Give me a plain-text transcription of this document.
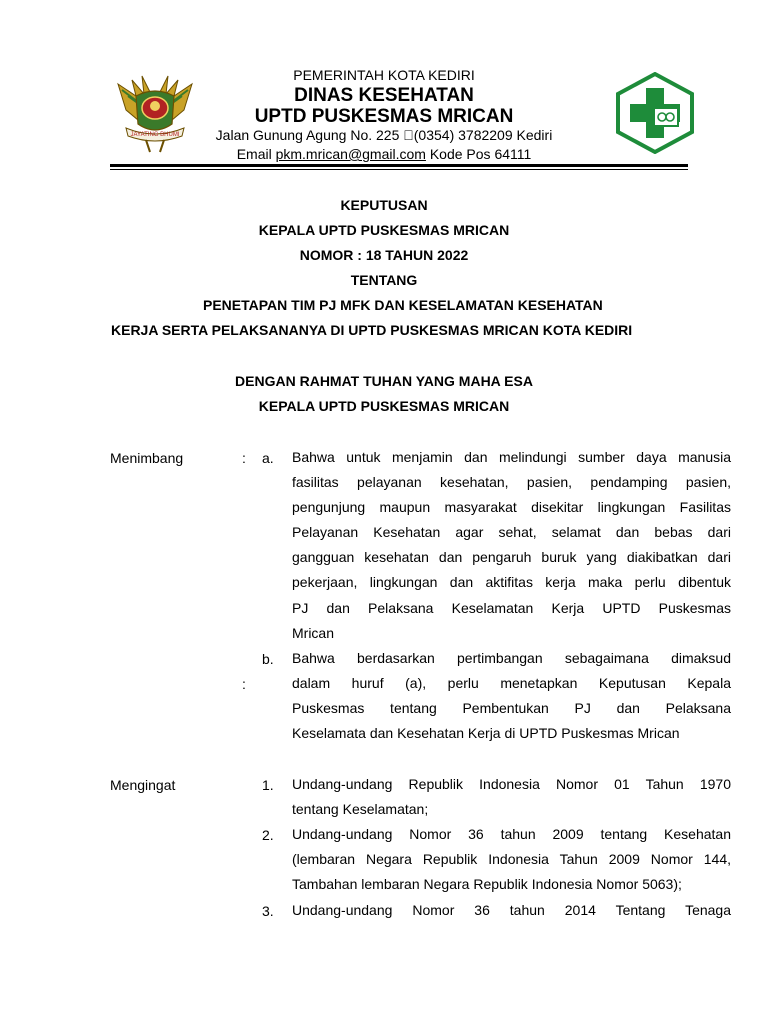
JAYATING BHUMI
PEMERINTAH KOTA KEDIRI
DINAS KESEHATAN
UPTD PUSKESMAS MRICAN
Jalan Gunung Agung No. 225  (0354) 3782209 Kediri
Email pkm.mrican@gmail.com Kode Pos 64111
KEPUTUSAN
KEPALA UPTD PUSKESMAS MRICAN
NOMOR : 18 TAHUN 2022
TENTANG
PENETAPAN TIM PJ MFK DAN KESELAMATAN KESEHATAN
KERJA SERTA PELAKSANANYA DI UPTD PUSKESMAS MRICAN KOTA KEDIRI
DENGAN RAHMAT TUHAN YANG MAHA ESA
KEPALA UPTD PUSKESMAS MRICAN
Menimbang	: a. Bahwa untuk menjamin dan melindungi sumber daya manusia
fasilitas pelayanan kesehatan, pasien, pendamping pasien,
pengunjung maupun masyarakat disekitar lingkungan Fasilitas
Pelayanan Kesehatan agar sehat, selamat dan bebas dari
gangguan kesehatan dan pengaruh buruk yang diakibatkan dari
pekerjaan, lingkungan dan aktifitas kerja maka perlu dibentuk
PJ dan Pelaksana Keselamatan Kerja UPTD Puskesmas
Mrican
b.
:
Bahwa berdasarkan pertimbangan sebagaimana dimaksud
dalam huruf (a), perlu menetapkan Keputusan Kepala
Puskesmas tentang Pembentukan PJ dan Pelaksana
Keselamata dan Kesehatan Kerja di UPTD Puskesmas Mrican
Mengingat	1. Undang-undang Republik Indonesia Nomor 01 Tahun 1970
tentang Keselamatan;
2. Undang-undang Nomor 36 tahun 2009 tentang Kesehatan
(lembaran Negara Republik Indonesia Tahun 2009 Nomor 144,
Tambahan lembaran Negara Republik Indonesia Nomor 5063);
3. Undang-undang Nomor 36 tahun 2014 Tentang Tenaga
